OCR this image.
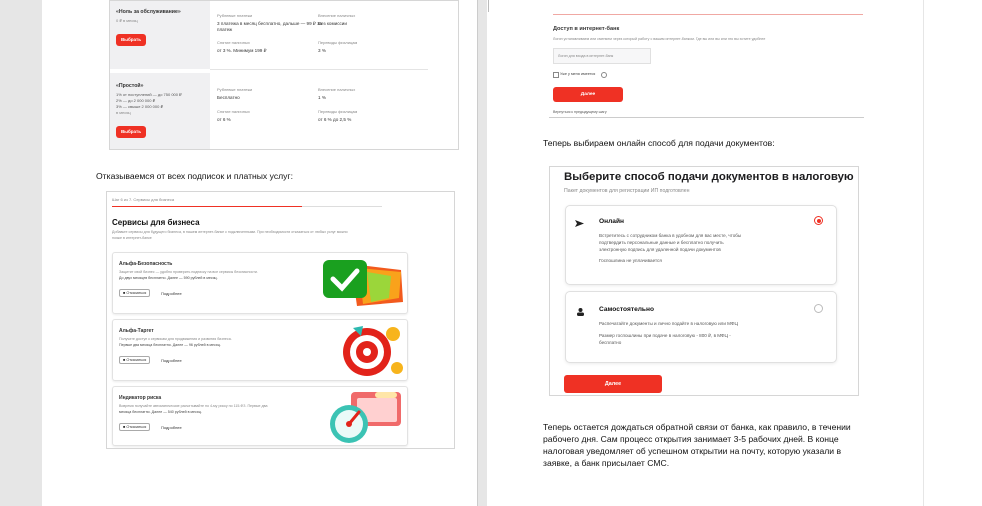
«Ноль за обслуживание»
0 ₽ в месяц
Выбрать
Рублевые платежи
3 платежа в месяц бесплатно, дальше — 99 ₽ за
платеж
Снятие наличных
от 3 %. Минимум 199 ₽
Внесение наличных
Без комиссии
Переводы физлицам
3 %
«Простой»
1% от поступлений — до 750 000 ₽
2% — до 2 000 000 ₽
3% — свыше 2 000 000 ₽
в месяц
Выбрать
Рублевые платежи
Бесплатно
Снятие наличных
от 6 %
Внесение наличных
1 %
Переводы физлицам
от 6 % до 2,5 %
Отказываемся от всех подписок и платных услуг:
Шаг 6 из 7. Сервисы для бизнеса
Сервисы для бизнеса
Добавьте сервисы для будущего бизнеса, в нашем интернет-банке с подключенными. При необходимости отказаться от любых услуг можно
позже в интернет-банке
Альфа-Безопасность
Защитит свой бизнес — удобно проверить подписку на все сервисы безопасности.
До двух месяцев бесплатно. Далее — 590 рублей в месяц.
■ Отказаться	Подробнее
Альфа-Таргет
Получите доступ к сервисам для продвижения и развития бизнеса.
Первые два месяца бесплатно. Далее — 96 рублей в месяц.
■ Отказаться	Подробнее
Индикатор риска
Вовремя получайте автоматические расчитывайте по 4-му риску по 115-ФЗ. Первые два
месяца бесплатно. Далее — 540 рублей в месяц.
■ Отказаться	Подробнее
Доступ в интернет-банк
Логин устанавливаем или сменяем через который работу с вашим интернет-банком. Где вы или вы или это вы хотите удобнее
Логин для входа в интернет-банк
Уже у меня имеется
Далее
Вернуться к предыдущему шагу
Теперь выбираем онлайн способ для подачи документов:
Выберите способ подачи документов в налоговую
Пакет документов для регистрации ИП подготовлен
Онлайн
Встретитесь с сотрудником банка в удобном для вас месте, чтобы
подтвердить персональные данные и бесплатно получить
электронную подпись для удаленной подачи документов
Госпошлина не уплачивается
Самостоятельно
Распечатайте документы и лично подайте в налоговую или МФЦ
Размер госпошлины при подаче в налоговую - 800 ₽, в МФЦ -
бесплатно
Далее
Теперь остается дождаться обратной связи от банка, как правило, в течении
рабочего дня. Сам процесс открытия занимает 3-5 рабочих дней. В конце
налоговая уведомляет об успешном открытии на почту, которую указали в
заявке, а банк присылает СМС.
